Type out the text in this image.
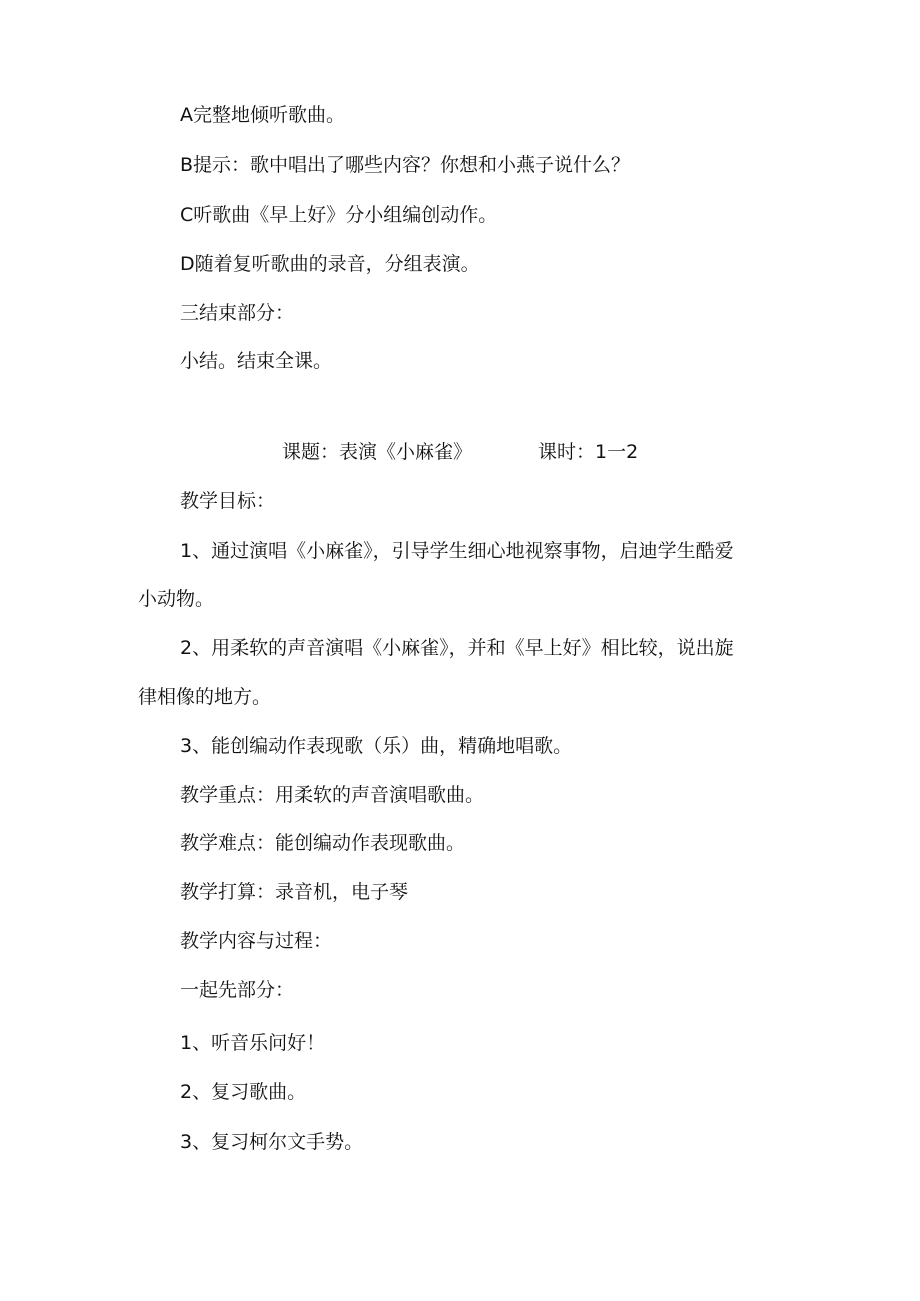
A完整地倾听歌曲。
B提示：歌中唱出了哪些内容？你想和小燕子说什么？
C听歌曲《早上好》分小组编创动作。
D随着复听歌曲的录音，分组表演。
三结束部分：
小结。结束全课。
课题：表演《小麻雀》	课时：1一2
教学目标：
1、通过演唱《小麻雀》，引导学生细心地视察事物，启迪学生酷爱
小动物。
2、用柔软的声音演唱《小麻雀》，并和《早上好》相比较，说出旋
律相像的地方。
3、能创编动作表现歌（乐）曲，精确地唱歌。
教学重点：用柔软的声音演唱歌曲。
教学难点：能创编动作表现歌曲。
教学打算：录音机，电子琴
教学内容与过程：
一起先部分：
1、听音乐问好！
2、复习歌曲。
3、复习柯尔文手势。
